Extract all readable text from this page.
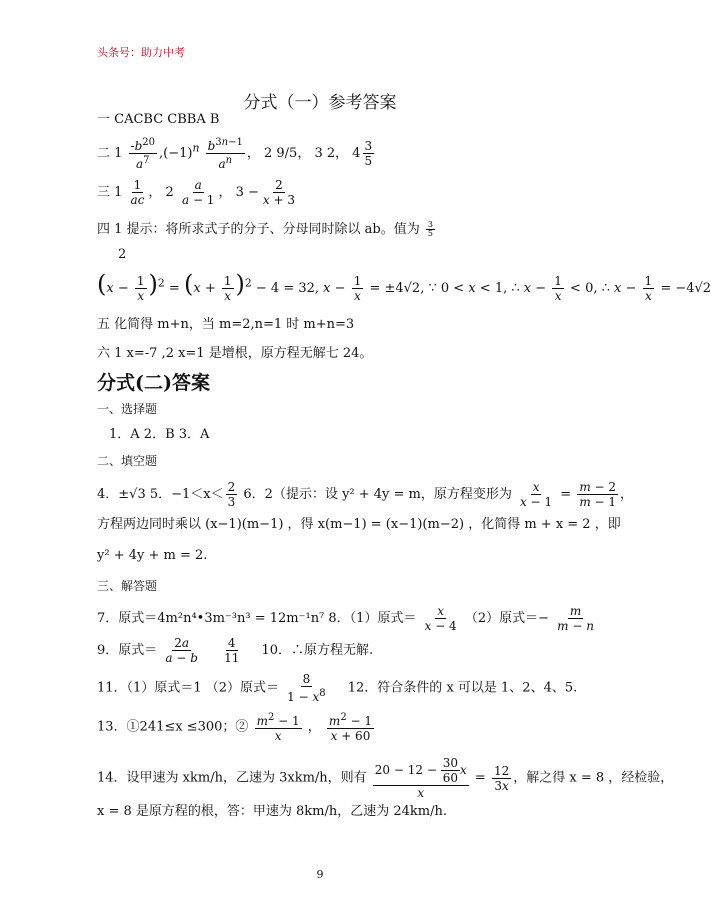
头条号：助力中考
分式（一）参考答案
一 CACBC CBBA B
二 $1 \frac{-b^{20}}{a^7} ,(-1)^n \frac{b^{3n-1}}{a^n}$ ， 2 9/5， 3 2， $4 \frac{3}{5}$
三 $1 \frac{1}{ac}$ ， $2 \frac{a}{a - 1}$ ， $3 - \frac{2}{x + 3}$
四 1 提示：将所求式子的分子、分母同时除以 ab。值为 $\frac{3}{5}$
2
$(x - \frac{1}{x} )^2 = (x + \frac{1}{x} )^2 - 4 = 32$, $x - \frac{1}{x} = \pm 4√2$, ∵ 0 < x < 1, ∴ $x - \frac{1}{x} < 0$, ∴ $x - \frac{1}{x} = -4√2$
五 化简得 m+n，当 m=2,n=1 时 m+n=3
六 1 x=-7 ,2 x=1 是增根，原方程无解七 24。
分式(二)答案
一、选择题
1．A 2．B 3．A
二、填空题
4．±√3 5．$-1<x< \frac{2}{3} 6$．2（提示：设 y² + 4y = m，原方程变形为 $\frac{x}{x - 1} = \frac{m - 2}{m - 1}$ ，
方程两边同时乘以 (x−1)(m−1) ，得 x(m−1) = (x−1)(m−2) ，化简得 m + x = 2 ，即
y² + 4y + m = 2.
三、解答题
7．原式＝4m²n⁴•3m⁻³n³ = 12m⁻¹n⁷ 8．（1）原式＝ $\frac{x}{x - 4} (2)$原式＝− $\frac{m}{m - n}$
9．原式＝ $\frac{2a}{a - b}$
$\frac{4}{11} 10$．∴原方程无解.
11．（1）原式＝1 （2）原式＝ $\frac{8}{1 - x^8} 12$．符合条件的 x 可以是 1、2、4、5.
13．①241≤x ≤300；② $\frac{m^2 - 1}{x}$ ， $\frac{m^2 - 1}{x + 60}$
14．设甲速为 xkm/h，乙速为 3xkm/h，则有 $\frac{20 - 12 - \frac{30}{60} x}{x} = \frac{12}{3x}$ ，解之得 x = 8 ，经检验，
x = 8 是原方程的根，答：甲速为 8km/h，乙速为 24km/h.
9
